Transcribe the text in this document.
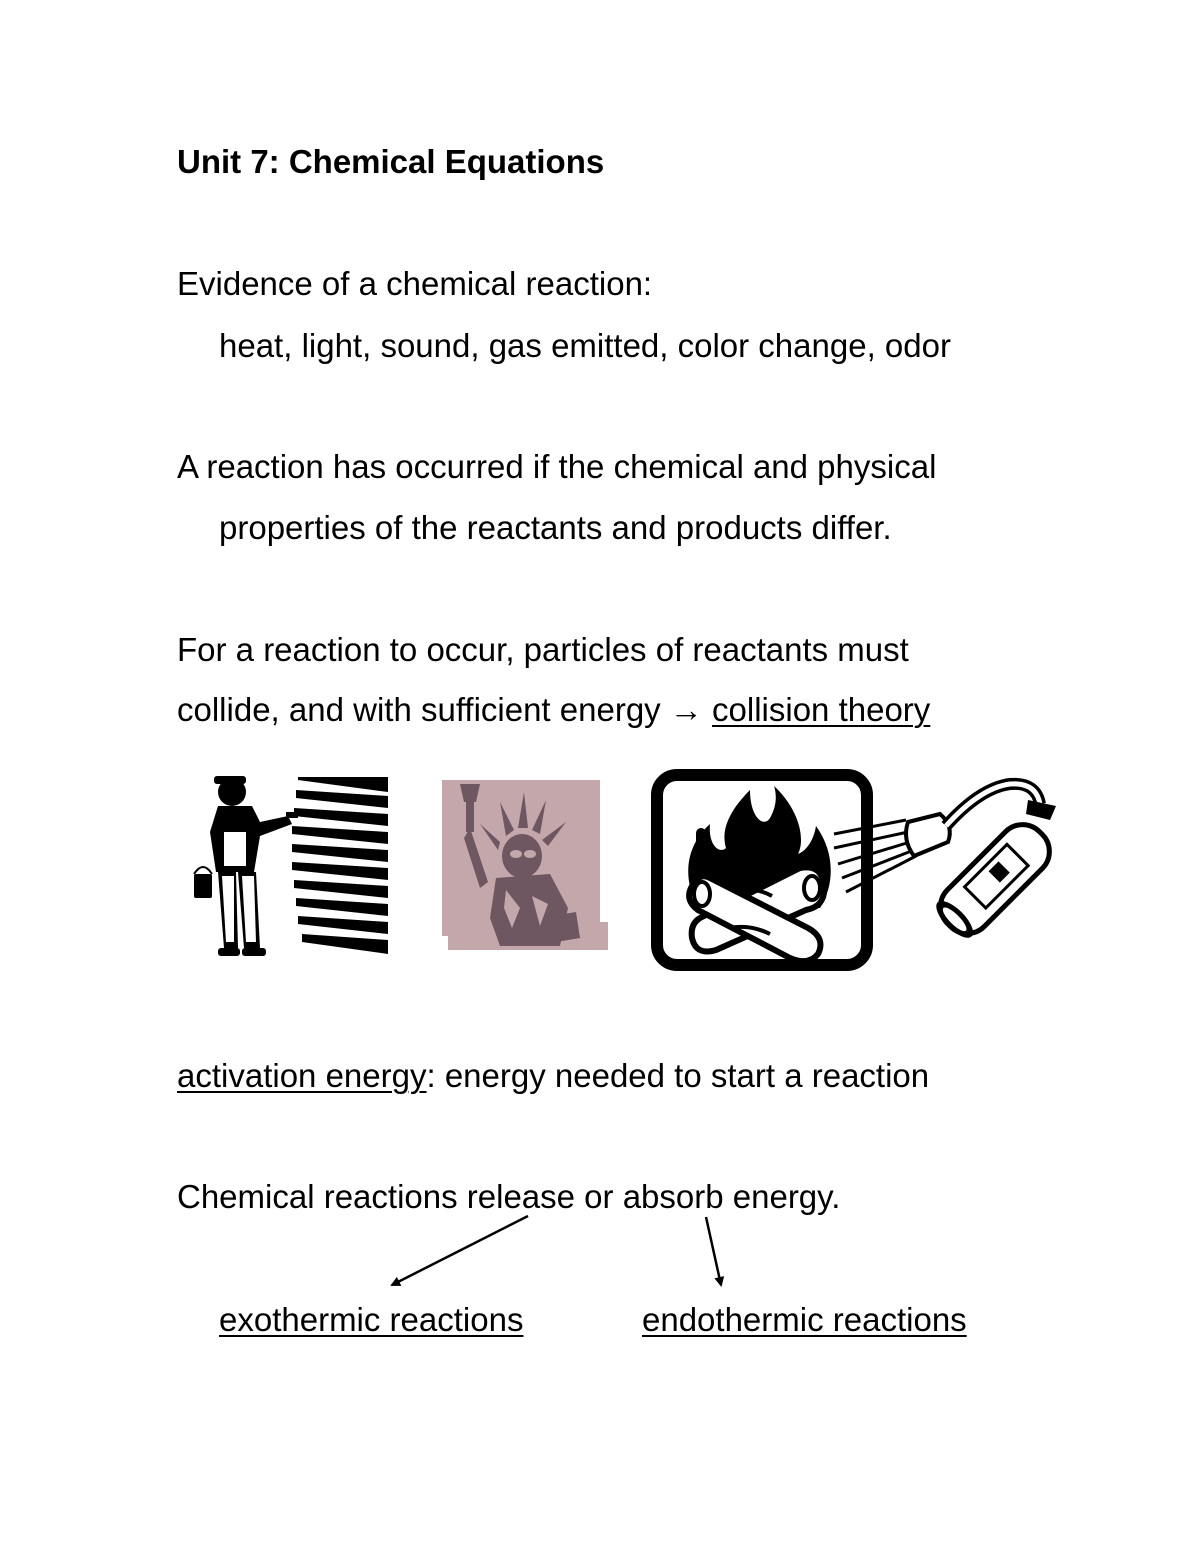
Unit 7: Chemical Equations
Evidence of a chemical reaction:
heat, light, sound, gas emitted, color change, odor
A reaction has occurred if the chemical and physical
properties of the reactants and products differ.
For a reaction to occur, particles of reactants must
collide, and with sufficient energy → collision theory
activation energy: energy needed to start a reaction
Chemical reactions release or absorb energy.
exothermic reactions	endothermic reactions
